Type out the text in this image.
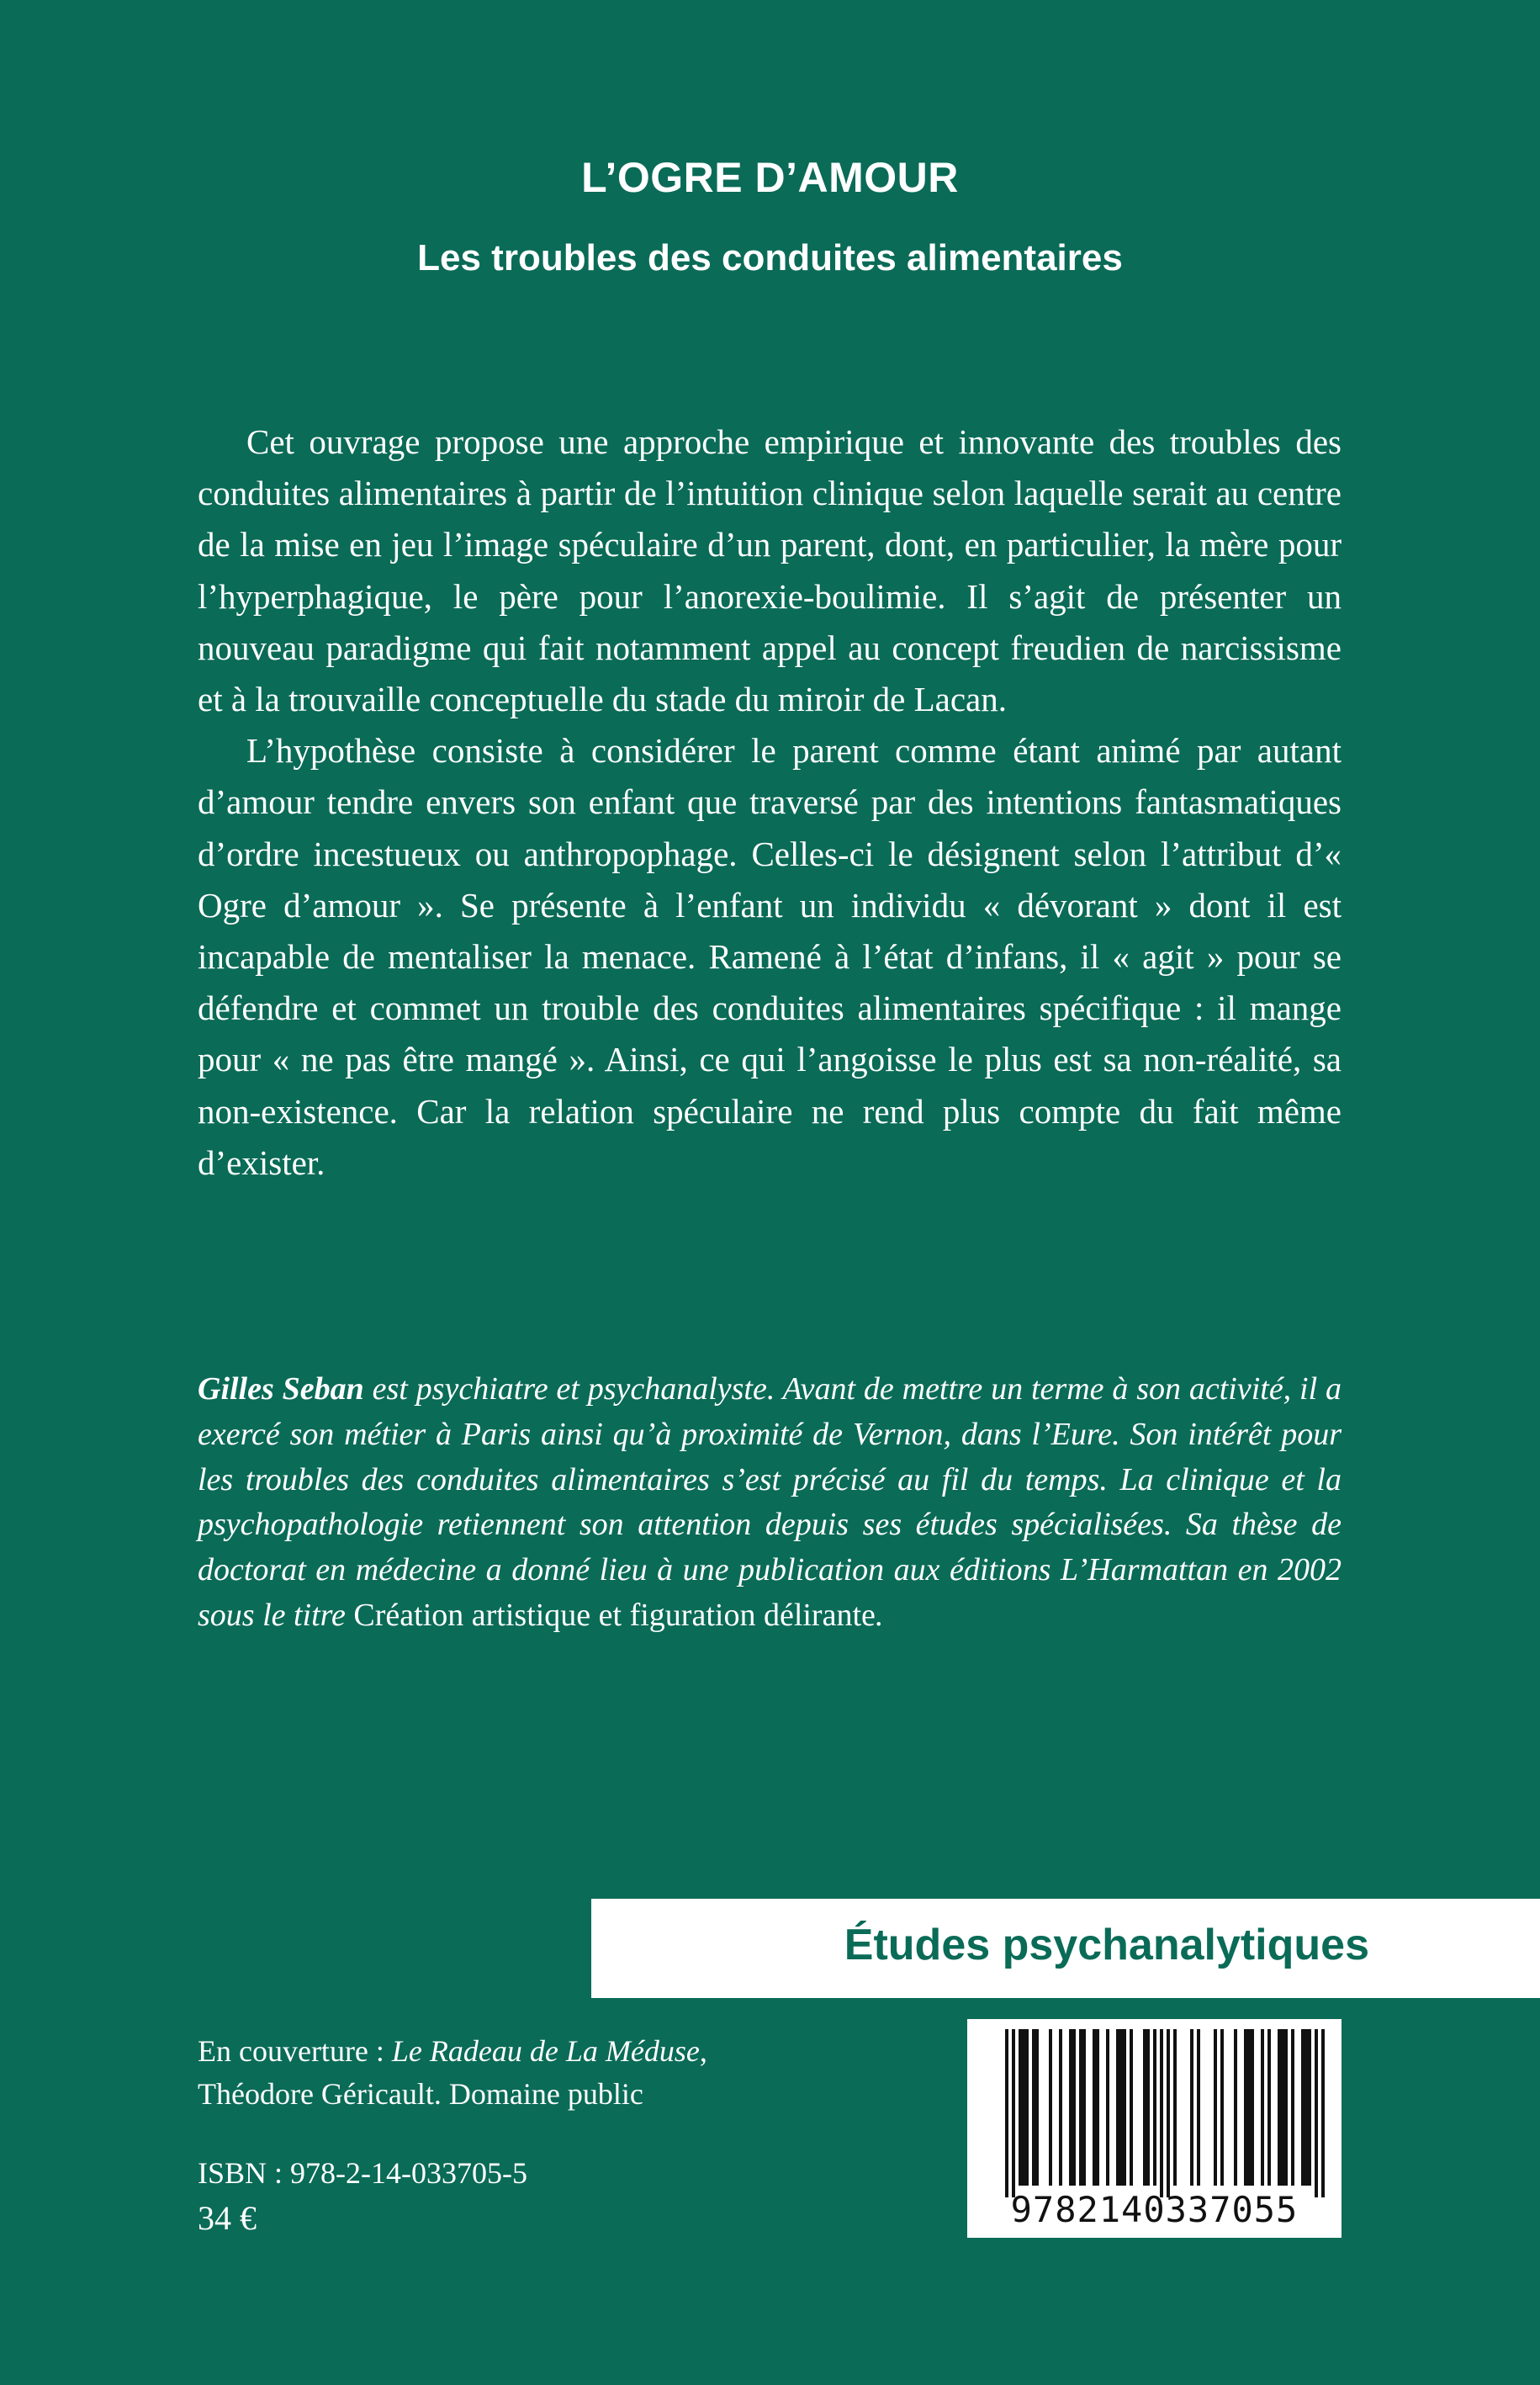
L’OGRE D’AMOUR
Les troubles des conduites alimentaires

Cet ouvrage propose une approche empirique et innovante des troubles des conduites alimentaires à partir de l’intuition clinique selon laquelle serait au centre de la mise en jeu l’image spéculaire d’un parent, dont, en particulier, la mère pour l’hyperphagique, le père pour l’anorexie-boulimie. Il s’agit de présenter un nouveau paradigme qui fait notamment appel au concept freudien de narcissisme et à la trouvaille conceptuelle du stade du miroir de Lacan.

L’hypothèse consiste à considérer le parent comme étant animé par autant d’amour tendre envers son enfant que traversé par des intentions fantasmatiques d’ordre incestueux ou anthropophage. Celles-ci le désignent selon l’attribut d’« Ogre d’amour ». Se présente à l’enfant un individu « dévorant » dont il est incapable de mentaliser la menace. Ramené à l’état d’infans, il « agit » pour se défendre et commet un trouble des conduites alimentaires spécifique : il mange pour « ne pas être mangé ». Ainsi, ce qui l’angoisse le plus est sa non-réalité, sa non-existence. Car la relation spéculaire ne rend plus compte du fait même d’exister.

Gilles Seban est psychiatre et psychanalyste. Avant de mettre un terme à son activité, il a exercé son métier à Paris ainsi qu’à proximité de Vernon, dans l’Eure. Son intérêt pour les troubles des conduites alimentaires s’est précisé au fil du temps. La clinique et la psychopathologie retiennent son attention depuis ses études spécialisées. Sa thèse de doctorat en médecine a donné lieu à une publication aux éditions L’Harmattan en 2002 sous le titre Création artistique et figuration délirante.

Études psychanalytiques
En couverture : Le Radeau de La Méduse,
Théodore Géricault. Domaine public
ISBN : 978-2-14-033705-5
34 €	9782140337055
